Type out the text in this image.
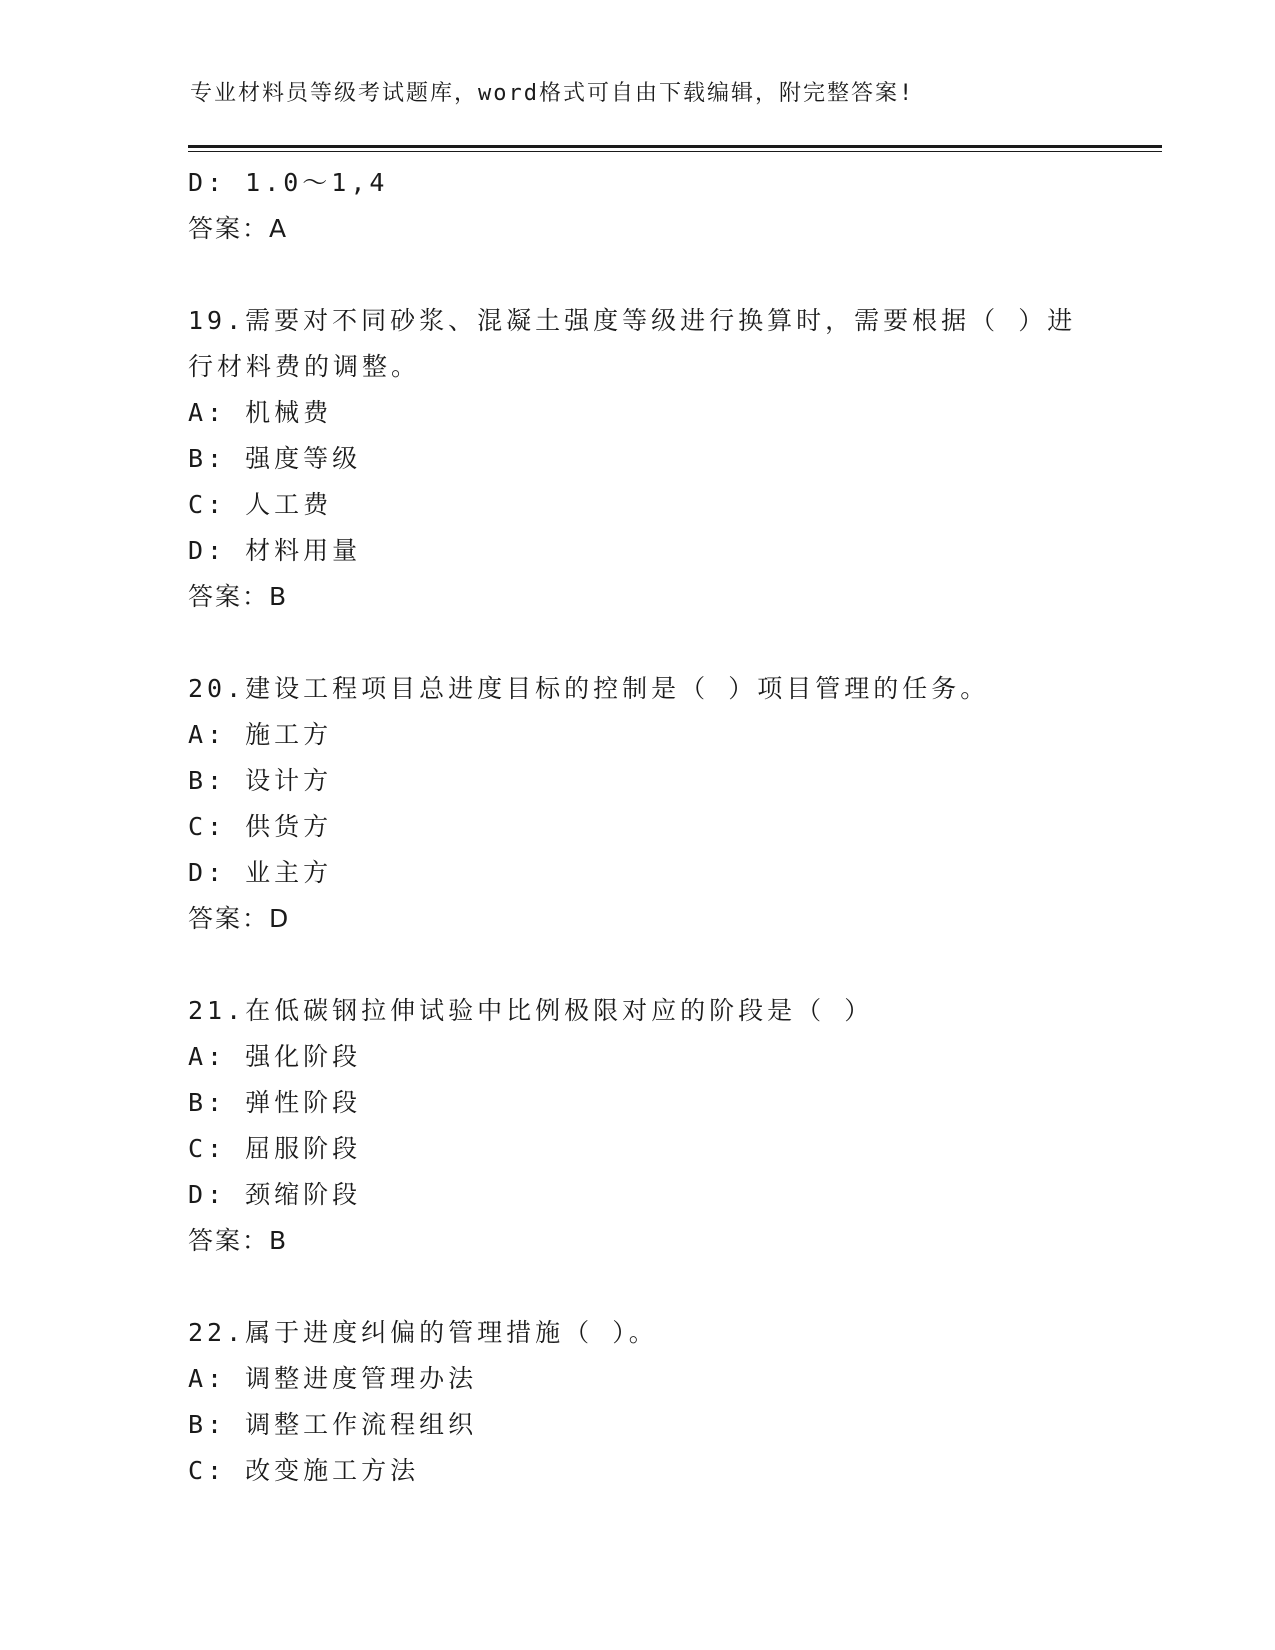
专业材料员等级考试题库，word格式可自由下载编辑，附完整答案!
D: 1.0～1,4
答案：A
19.需要对不同砂浆、混凝土强度等级进行换算时，需要根据（ ）进
行材料费的调整。
A: 机械费
B: 强度等级
C: 人工费
D: 材料用量
答案：B
20.建设工程项目总进度目标的控制是（ ）项目管理的任务。
A: 施工方
B: 设计方
C: 供货方
D: 业主方
答案：D
21.在低碳钢拉伸试验中比例极限对应的阶段是（ ）
A: 强化阶段
B: 弹性阶段
C: 屈服阶段
D: 颈缩阶段
答案：B
22.属于进度纠偏的管理措施（ ）。
A: 调整进度管理办法
B: 调整工作流程组织
C: 改变施工方法
